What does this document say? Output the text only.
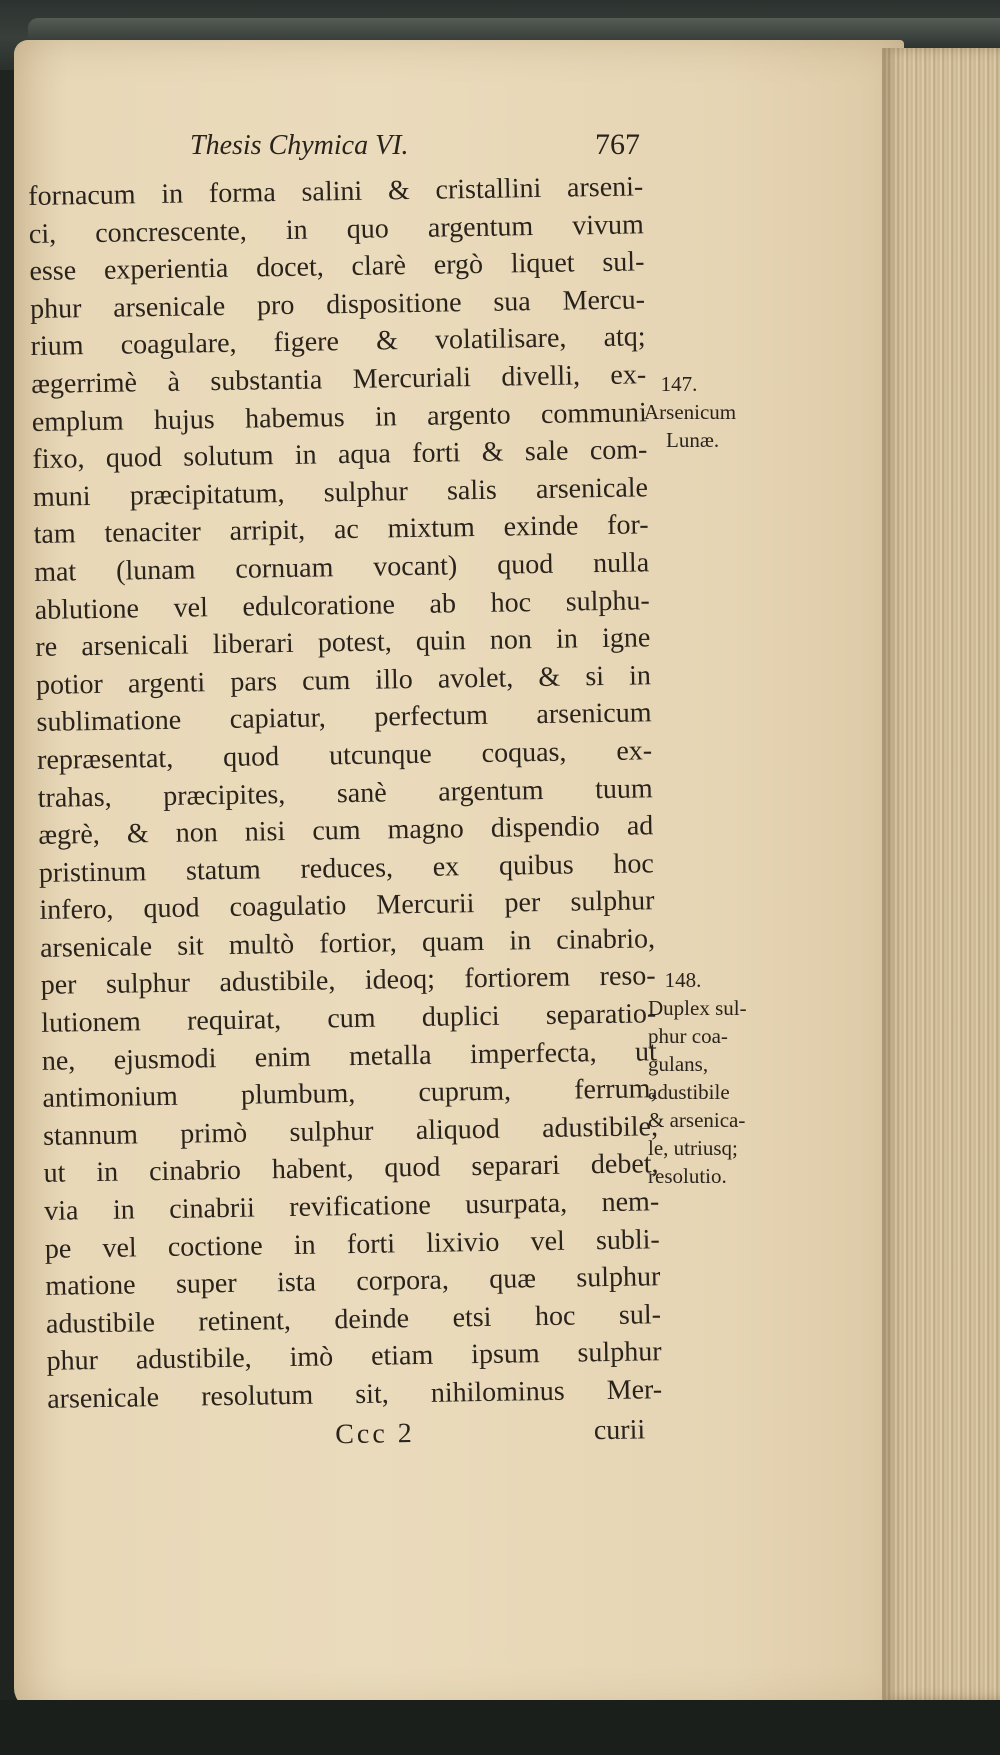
Thesis Chymica VI.	767
fornacum in forma salini & cristallini arseni-
ci, concrescente, in quo argentum vivum
esse experientia docet, clarè ergò liquet sul-
phur arsenicale pro dispositione sua Mercu-
rium coagulare, figere & volatilisare, atq;
ægerrimè à substantia Mercuriali divelli, ex-
emplum hujus habemus in argento communi
fixo, quod solutum in aqua forti & sale com-
muni præcipitatum, sulphur salis arsenicale
tam tenaciter arripit, ac mixtum exinde for-
mat (lunam cornuam vocant) quod nulla
ablutione vel edulcoratione ab hoc sulphu-
re arsenicali liberari potest, quin non in igne
potior argenti pars cum illo avolet, & si in
sublimatione capiatur, perfectum arsenicum
repræsentat, quod utcunque coquas, ex-
trahas, præcipites, sanè argentum tuum
ægrè, & non nisi cum magno dispendio ad
pristinum statum reduces, ex quibus hoc
infero, quod coagulatio Mercurii per sulphur
arsenicale sit multò fortior, quam in cinabrio,
per sulphur adustibile, ideoq; fortiorem reso-
lutionem requirat, cum duplici separatio-
ne, ejusmodi enim metalla imperfecta, ut
antimonium plumbum, cuprum, ferrum,
stannum primò sulphur aliquod adustibile,
ut in cinabrio habent, quod separari debet,
via in cinabrii revificatione usurpata, nem-
pe vel coctione in forti lixivio vel subli-
matione super ista corpora, quæ sulphur
adustibile retinent, deinde etsi hoc sul-
phur adustibile, imò etiam ipsum sulphur
arsenicale resolutum sit, nihilominus Mer-
147.
Arsenicum
Lunæ.
148.
Duplex sul-
phur coa-
gulans,
adustibile
& arsenica-
le, utriusq;
resolutio.
Ccc 2	curii
